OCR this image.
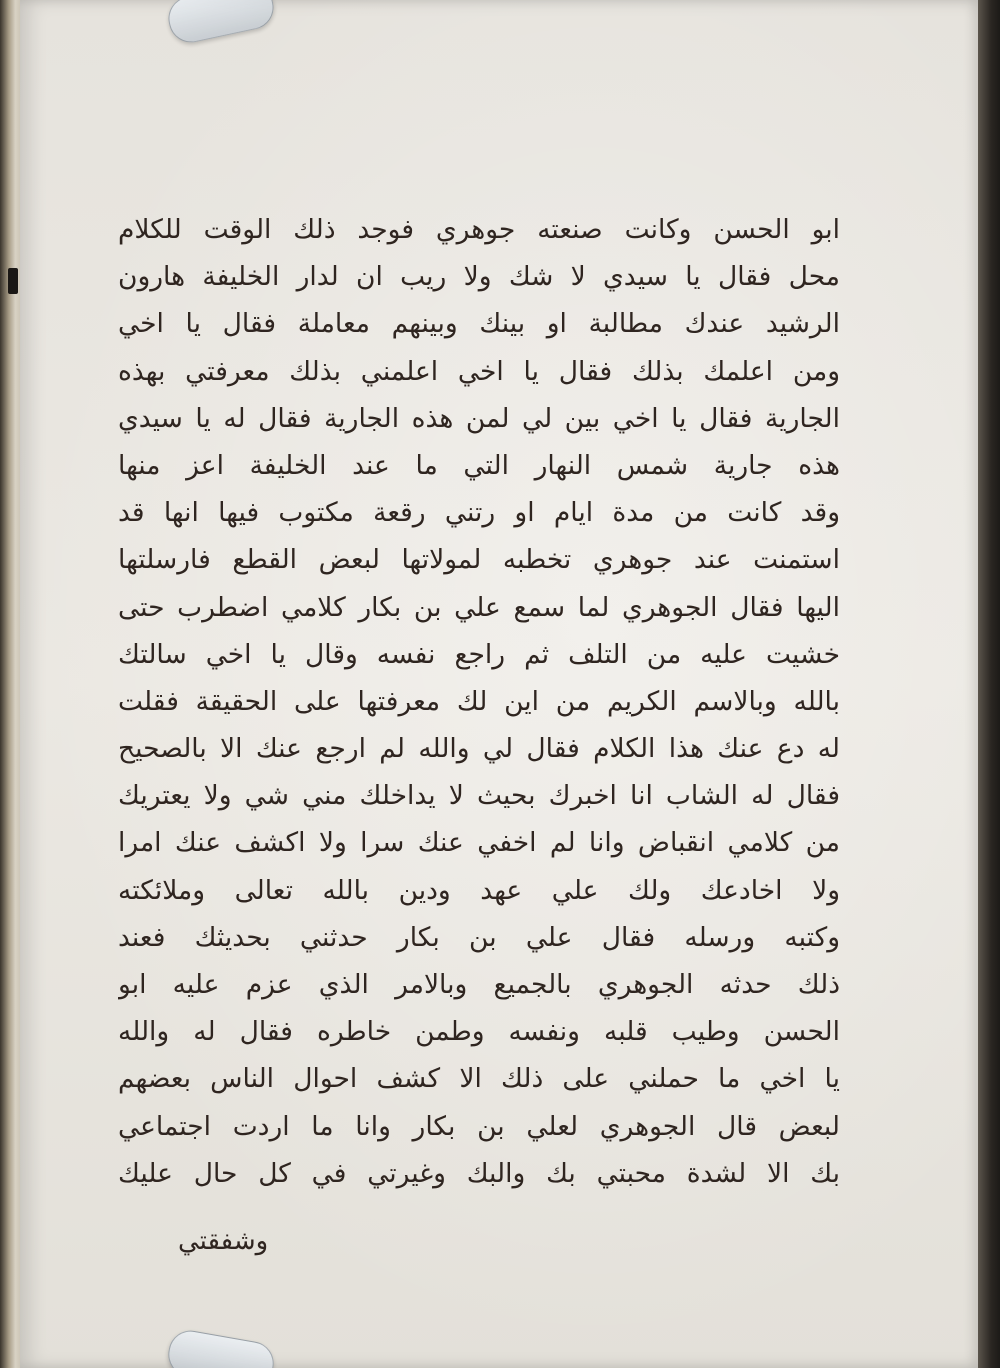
ابو الحسن وكانت صنعته جوهري فوجد ذلك الوقت للكلام
محل فقال يا سيدي لا شك ولا ريب ان لدار الخليفة هارون
الرشيد عندك مطالبة او بينك وبينهم معاملة فقال يا اخي
ومن اعلمك بذلك فقال يا اخي اعلمني بذلك معرفتي بهذه
الجارية فقال يا اخي بين لي لمن هذه الجارية فقال له يا سيدي
هذه جارية شمس النهار التي ما عند الخليفة اعز منها
وقد كانت من مدة ايام او رتني رقعة مكتوب فيها انها قد
استمنت عند جوهري تخطبه لمولاتها لبعض القطع فارسلتها
اليها فقال الجوهري لما سمع علي بن بكار كلامي اضطرب حتى
خشيت عليه من التلف ثم راجع نفسه وقال يا اخي سالتك
بالله وبالاسم الكريم من اين لك معرفتها على الحقيقة فقلت
له دع عنك هذا الكلام فقال لي والله لم ارجع عنك الا بالصحيح
فقال له الشاب انا اخبرك بحيث لا يداخلك مني شي ولا يعتريك
من كلامي انقباض وانا لم اخفي عنك سرا ولا اكشف عنك امرا
ولا اخادعك ولك علي عهد ودين بالله تعالى وملائكته
وكتبه ورسله فقال علي بن بكار حدثني بحديثك فعند
ذلك حدثه الجوهري بالجميع وبالامر الذي عزم عليه ابو
الحسن وطيب قلبه ونفسه وطمن خاطره فقال له والله
يا اخي ما حملني على ذلك الا كشف احوال الناس بعضهم
لبعض قال الجوهري لعلي بن بكار وانا ما اردت اجتماعي
بك الا لشدة محبتي بك والبك وغيرتي في كل حال عليك
وشفقتي
